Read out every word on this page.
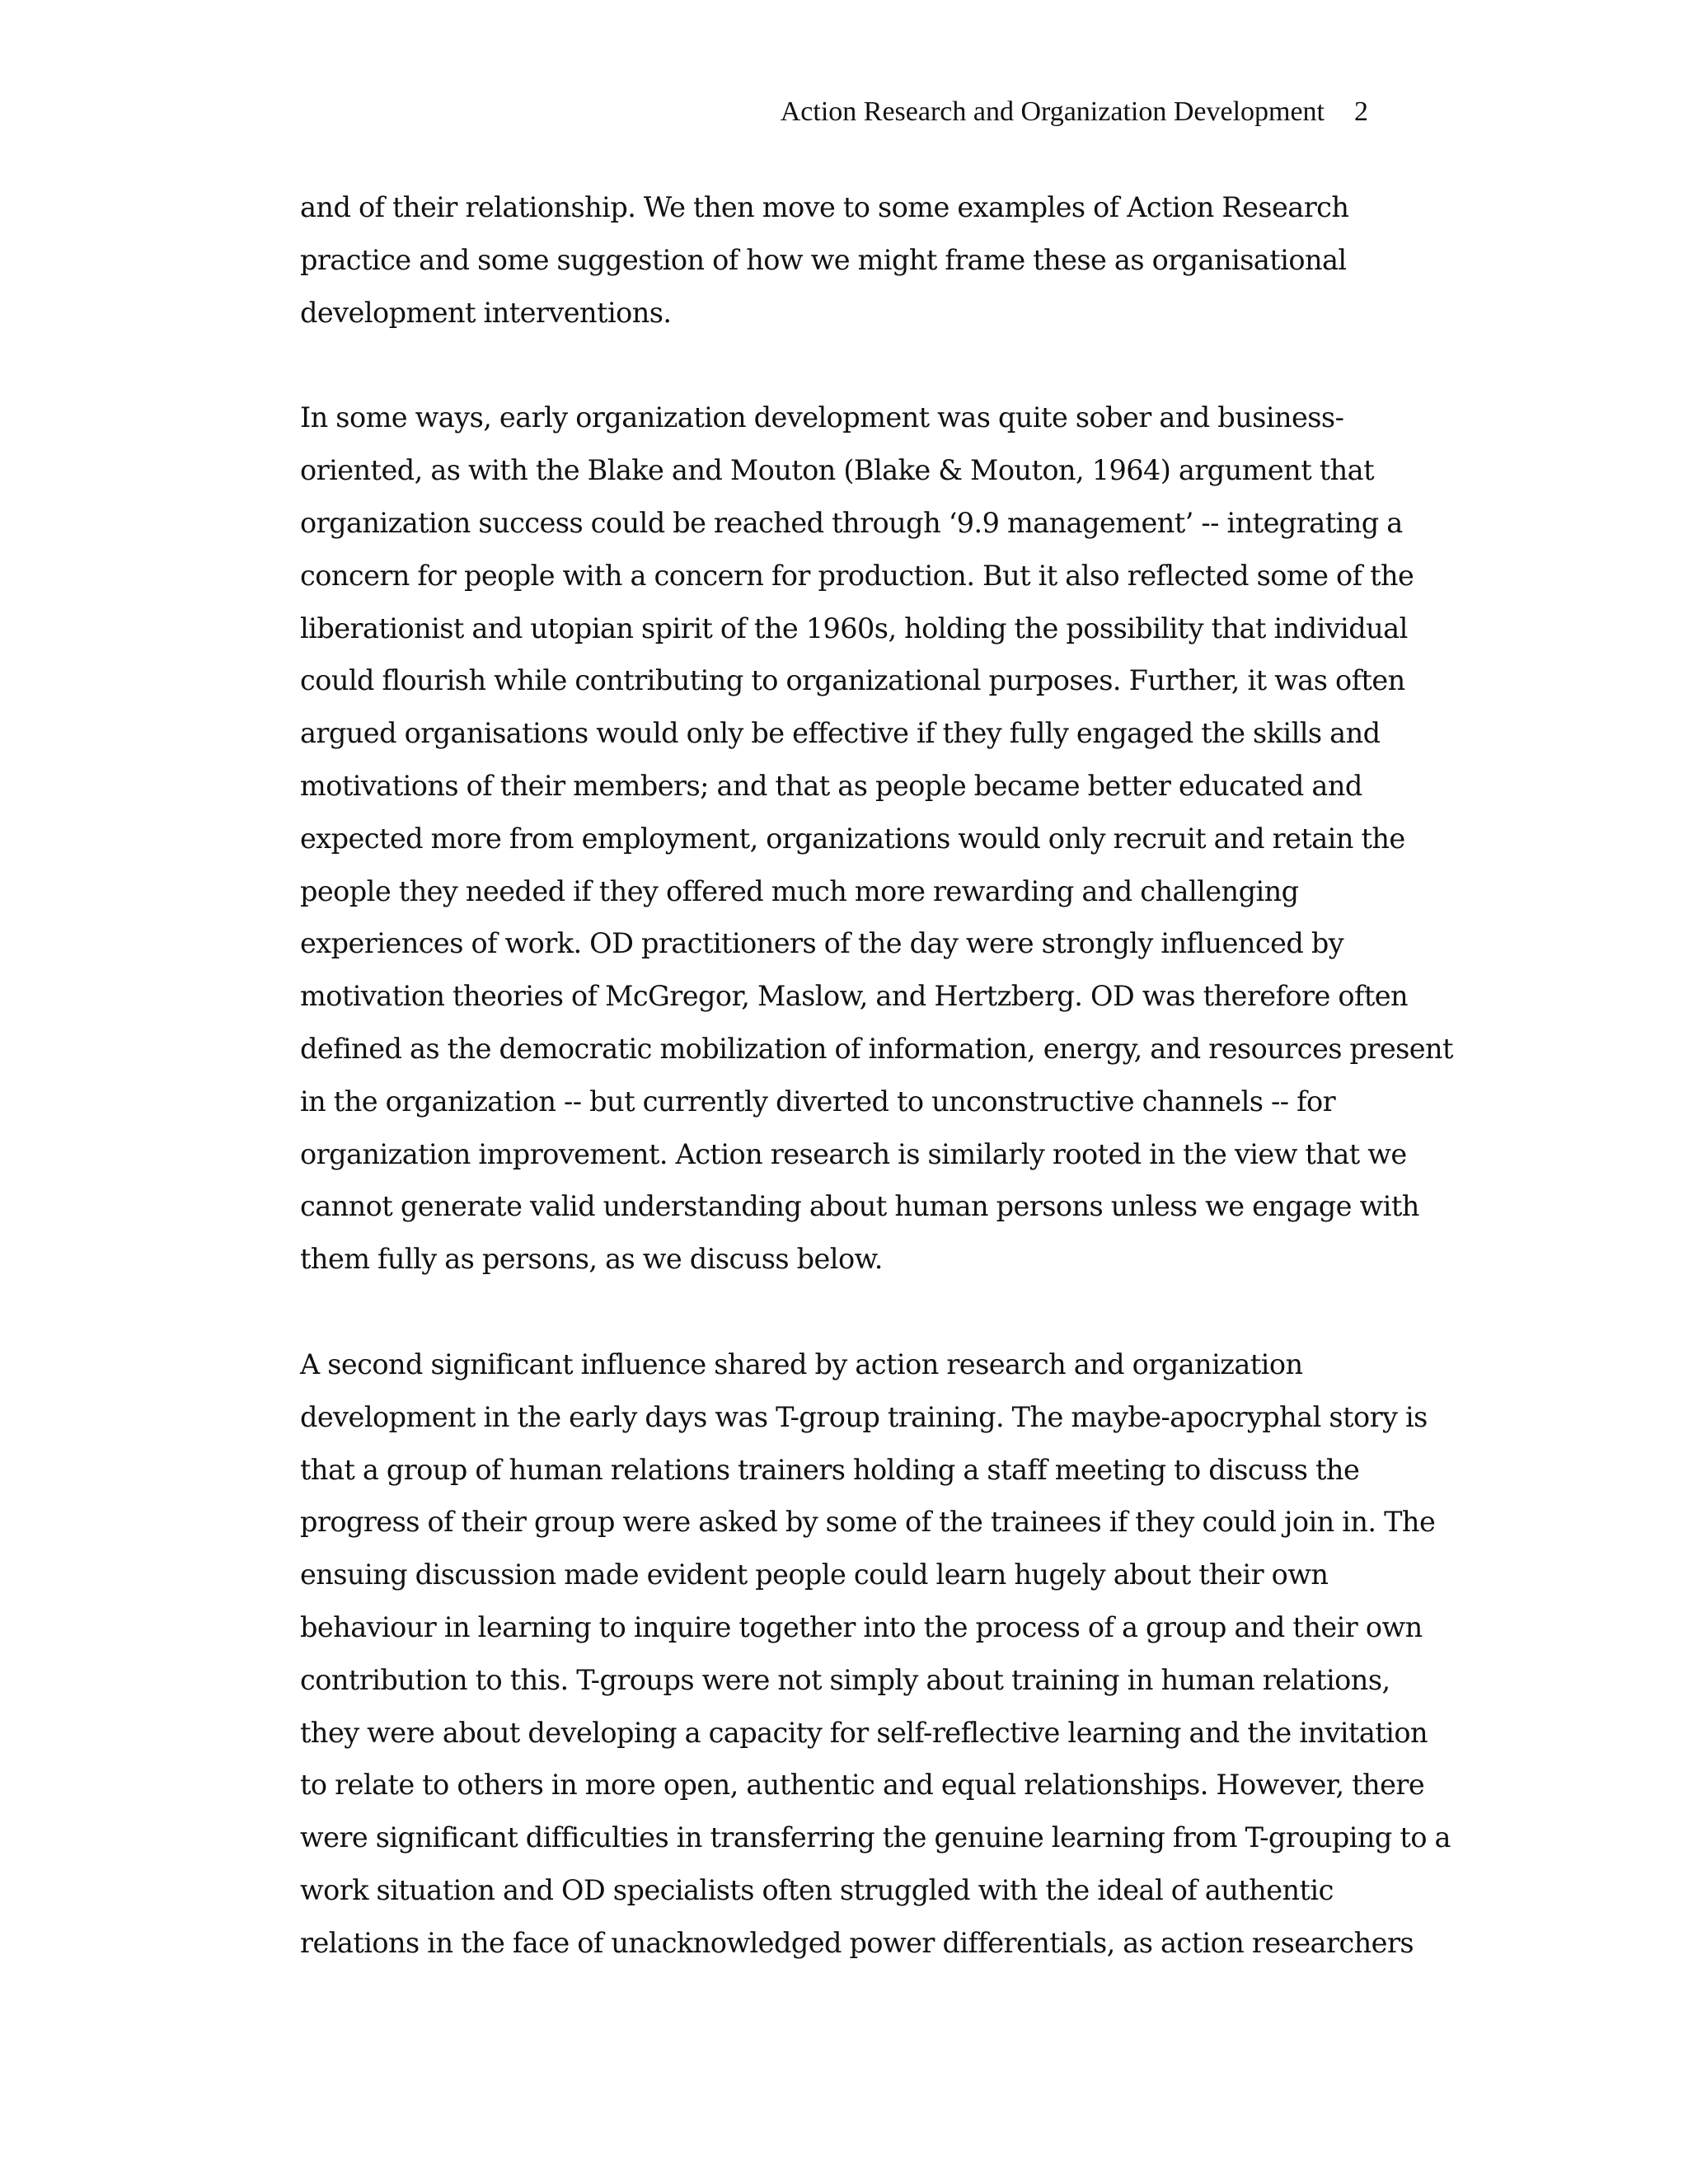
Action Research and Organization Development 2

and of their relationship. We then move to some examples of Action Research
practice and some suggestion of how we might frame these as organisational
development interventions.

In some ways, early organization development was quite sober and business-
oriented, as with the Blake and Mouton (Blake & Mouton, 1964) argument that
organization success could be reached through ‘9.9 management’ -- integrating a
concern for people with a concern for production. But it also reflected some of the
liberationist and utopian spirit of the 1960s, holding the possibility that individual
could flourish while contributing to organizational purposes. Further, it was often
argued organisations would only be effective if they fully engaged the skills and
motivations of their members; and that as people became better educated and
expected more from employment, organizations would only recruit and retain the
people they needed if they offered much more rewarding and challenging
experiences of work. OD practitioners of the day were strongly influenced by
motivation theories of McGregor, Maslow, and Hertzberg. OD was therefore often
defined as the democratic mobilization of information, energy, and resources present
in the organization -- but currently diverted to unconstructive channels -- for
organization improvement. Action research is similarly rooted in the view that we
cannot generate valid understanding about human persons unless we engage with
them fully as persons, as we discuss below.

A second significant influence shared by action research and organization
development in the early days was T-group training. The maybe-apocryphal story is
that a group of human relations trainers holding a staff meeting to discuss the
progress of their group were asked by some of the trainees if they could join in. The
ensuing discussion made evident people could learn hugely about their own
behaviour in learning to inquire together into the process of a group and their own
contribution to this. T-groups were not simply about training in human relations,
they were about developing a capacity for self-reflective learning and the invitation
to relate to others in more open, authentic and equal relationships. However, there
were significant difficulties in transferring the genuine learning from T-grouping to a
work situation and OD specialists often struggled with the ideal of authentic
relations in the face of unacknowledged power differentials, as action researchers
